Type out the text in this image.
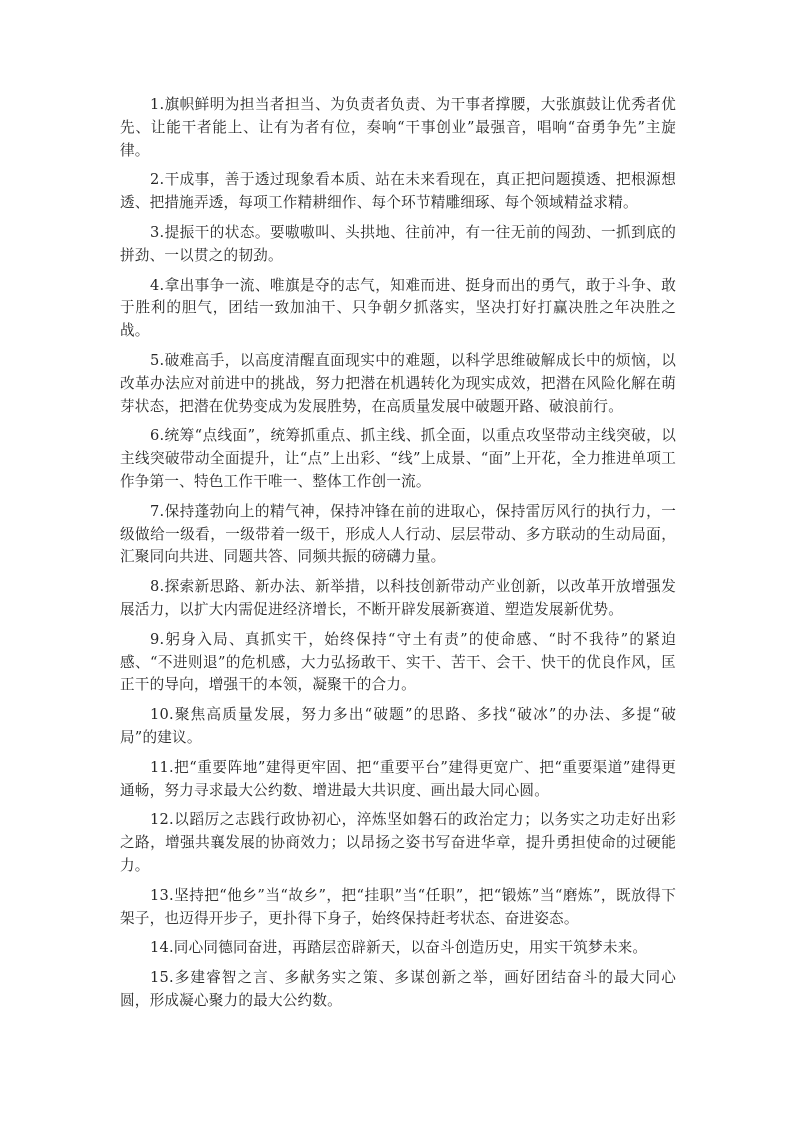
1.旗帜鲜明为担当者担当、为负责者负责、为干事者撑腰，大张旗鼓让优秀者优先、让能干者能上、让有为者有位，奏响“干事创业”最强音，唱响“奋勇争先”主旋律。

2.干成事，善于透过现象看本质、站在未来看现在，真正把问题摸透、把根源想透、把措施弄透，每项工作精耕细作、每个环节精雕细琢、每个领域精益求精。

3.提振干的状态。要嗷嗷叫、头拱地、往前冲，有一往无前的闯劲、一抓到底的拼劲、一以贯之的韧劲。

4.拿出事争一流、唯旗是夺的志气，知难而进、挺身而出的勇气，敢于斗争、敢于胜利的胆气，团结一致加油干、只争朝夕抓落实，坚决打好打赢决胜之年决胜之战。

5.破难高手，以高度清醒直面现实中的难题，以科学思维破解成长中的烦恼，以改革办法应对前进中的挑战，努力把潜在机遇转化为现实成效，把潜在风险化解在萌芽状态，把潜在优势变成为发展胜势，在高质量发展中破题开路、破浪前行。

6.统筹“点线面”，统筹抓重点、抓主线、抓全面，以重点攻坚带动主线突破，以主线突破带动全面提升，让“点”上出彩、“线”上成景、“面”上开花，全力推进单项工作争第一、特色工作干唯一、整体工作创一流。

7.保持蓬勃向上的精气神，保持冲锋在前的进取心，保持雷厉风行的执行力，一级做给一级看，一级带着一级干，形成人人行动、层层带动、多方联动的生动局面，汇聚同向共进、同题共答、同频共振的磅礴力量。

8.探索新思路、新办法、新举措，以科技创新带动产业创新，以改革开放增强发展活力，以扩大内需促进经济增长，不断开辟发展新赛道、塑造发展新优势。

9.躬身入局、真抓实干，始终保持“守土有责”的使命感、“时不我待”的紧迫感、“不进则退”的危机感，大力弘扬敢干、实干、苦干、会干、快干的优良作风，匡正干的导向，增强干的本领，凝聚干的合力。

10.聚焦高质量发展，努力多出“破题”的思路、多找“破冰”的办法、多提“破局”的建议。

11.把“重要阵地”建得更牢固、把“重要平台”建得更宽广、把“重要渠道”建得更通畅，努力寻求最大公约数、增进最大共识度、画出最大同心圆。

12.以蹈厉之志践行政协初心，淬炼坚如磐石的政治定力；以务实之功走好出彩之路，增强共襄发展的协商效力；以昂扬之姿书写奋进华章，提升勇担使命的过硬能力。

13.坚持把“他乡”当“故乡”，把“挂职”当“任职”，把“锻炼”当“磨炼”，既放得下架子，也迈得开步子，更扑得下身子，始终保持赶考状态、奋进姿态。

14.同心同德同奋进，再踏层峦辟新天，以奋斗创造历史，用实干筑梦未来。

15.多建睿智之言、多献务实之策、多谋创新之举，画好团结奋斗的最大同心圆，形成凝心聚力的最大公约数。
